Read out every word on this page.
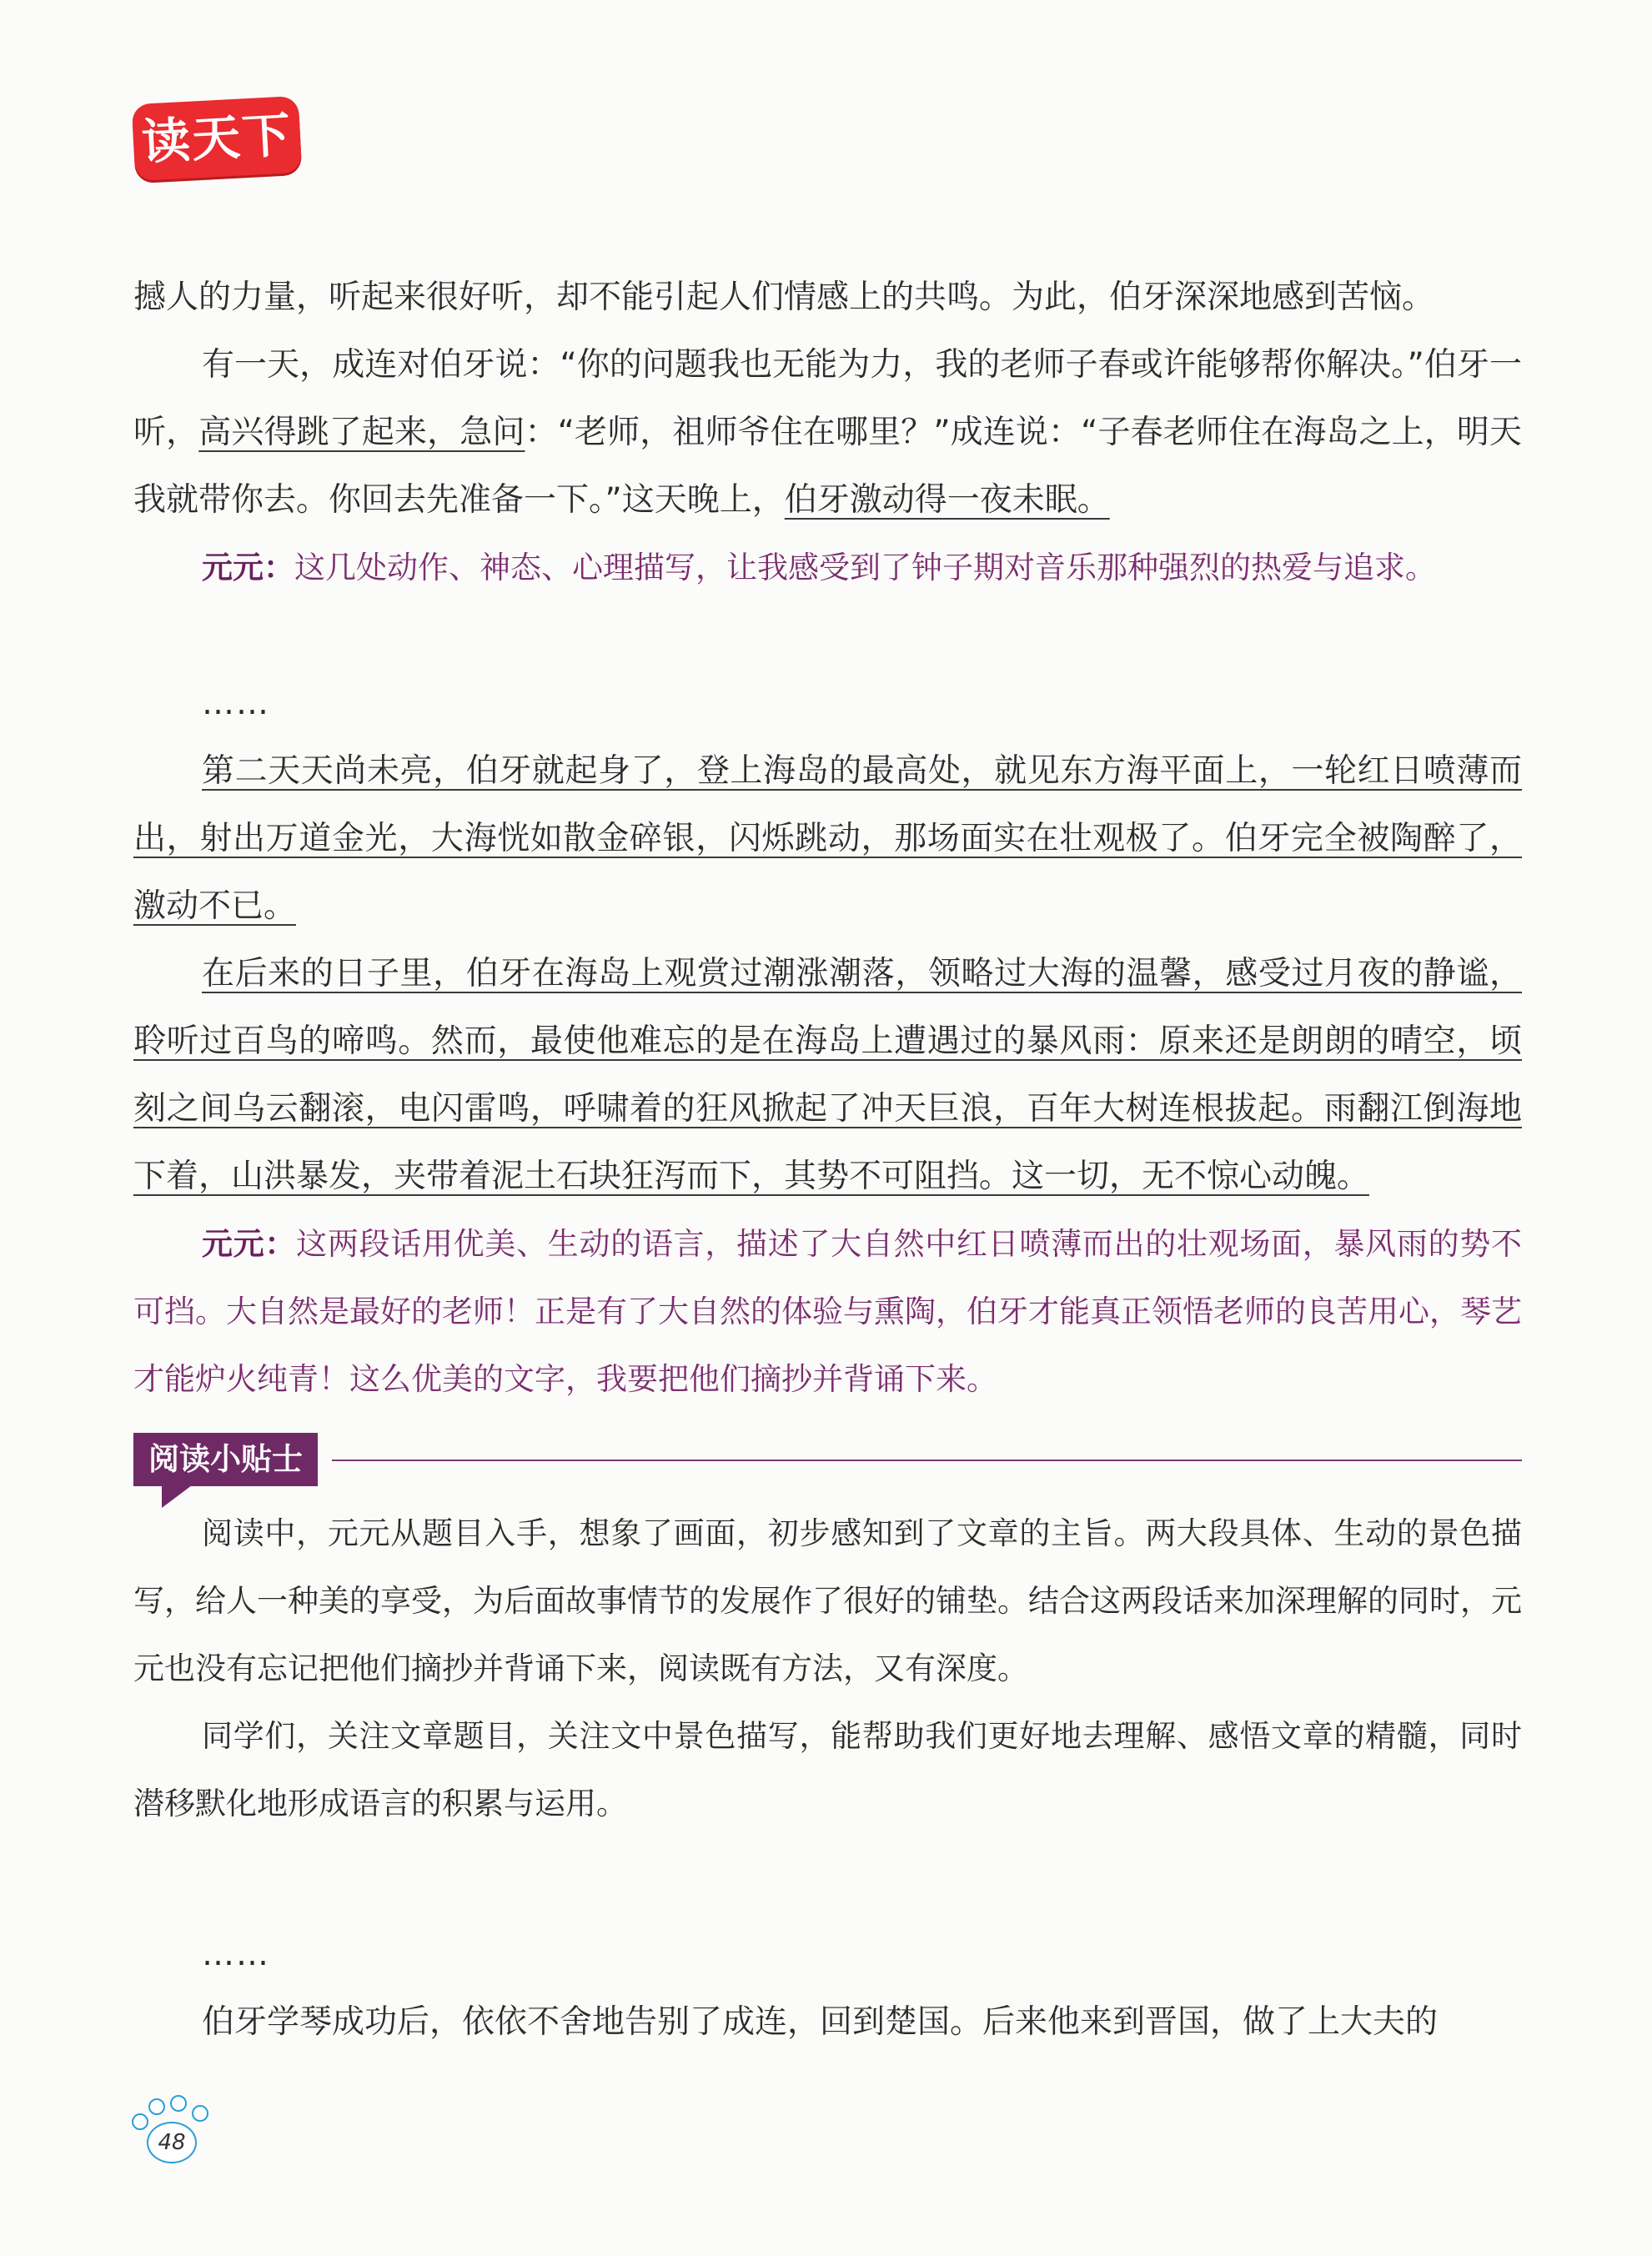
读天下

撼人的力量，听起来很好听，却不能引起人们情感上的共鸣。为此，伯牙深深地感到苦恼。

有一天，成连对伯牙说：“你的问题我也无能为力，我的老师子春或许能够帮你解决。”伯牙一听，高兴得跳了起来，急问：“老师，祖师爷住在哪里？”成连说：“子春老师住在海岛之上，明天我就带你去。你回去先准备一下。”这天晚上，伯牙激动得一夜未眠。

元元：这几处动作、神态、心理描写，让我感受到了钟子期对音乐那种强烈的热爱与追求。

……

第二天天尚未亮，伯牙就起身了，登上海岛的最高处，就见东方海平面上，一轮红日喷薄而出，射出万道金光，大海恍如散金碎银，闪烁跳动，那场面实在壮观极了。伯牙完全被陶醉了，激动不已。

在后来的日子里，伯牙在海岛上观赏过潮涨潮落，领略过大海的温馨，感受过月夜的静谧，聆听过百鸟的啼鸣。然而，最使他难忘的是在海岛上遭遇过的暴风雨：原来还是朗朗的晴空，顷刻之间乌云翻滚，电闪雷鸣，呼啸着的狂风掀起了冲天巨浪，百年大树连根拔起。雨翻江倒海地下着，山洪暴发，夹带着泥土石块狂泻而下，其势不可阻挡。这一切，无不惊心动魄。

元元：这两段话用优美、生动的语言，描述了大自然中红日喷薄而出的壮观场面，暴风雨的势不可挡。大自然是最好的老师！正是有了大自然的体验与熏陶，伯牙才能真正领悟老师的良苦用心，琴艺才能炉火纯青！这么优美的文字，我要把他们摘抄并背诵下来。

阅读小贴士

阅读中，元元从题目入手，想象了画面，初步感知到了文章的主旨。两大段具体、生动的景色描写，给人一种美的享受，为后面故事情节的发展作了很好的铺垫。结合这两段话来加深理解的同时，元元也没有忘记把他们摘抄并背诵下来，阅读既有方法，又有深度。

同学们，关注文章题目，关注文中景色描写，能帮助我们更好地去理解、感悟文章的精髓，同时潜移默化地形成语言的积累与运用。

……

伯牙学琴成功后，依依不舍地告别了成连，回到楚国。后来他来到晋国，做了上大夫的

48
